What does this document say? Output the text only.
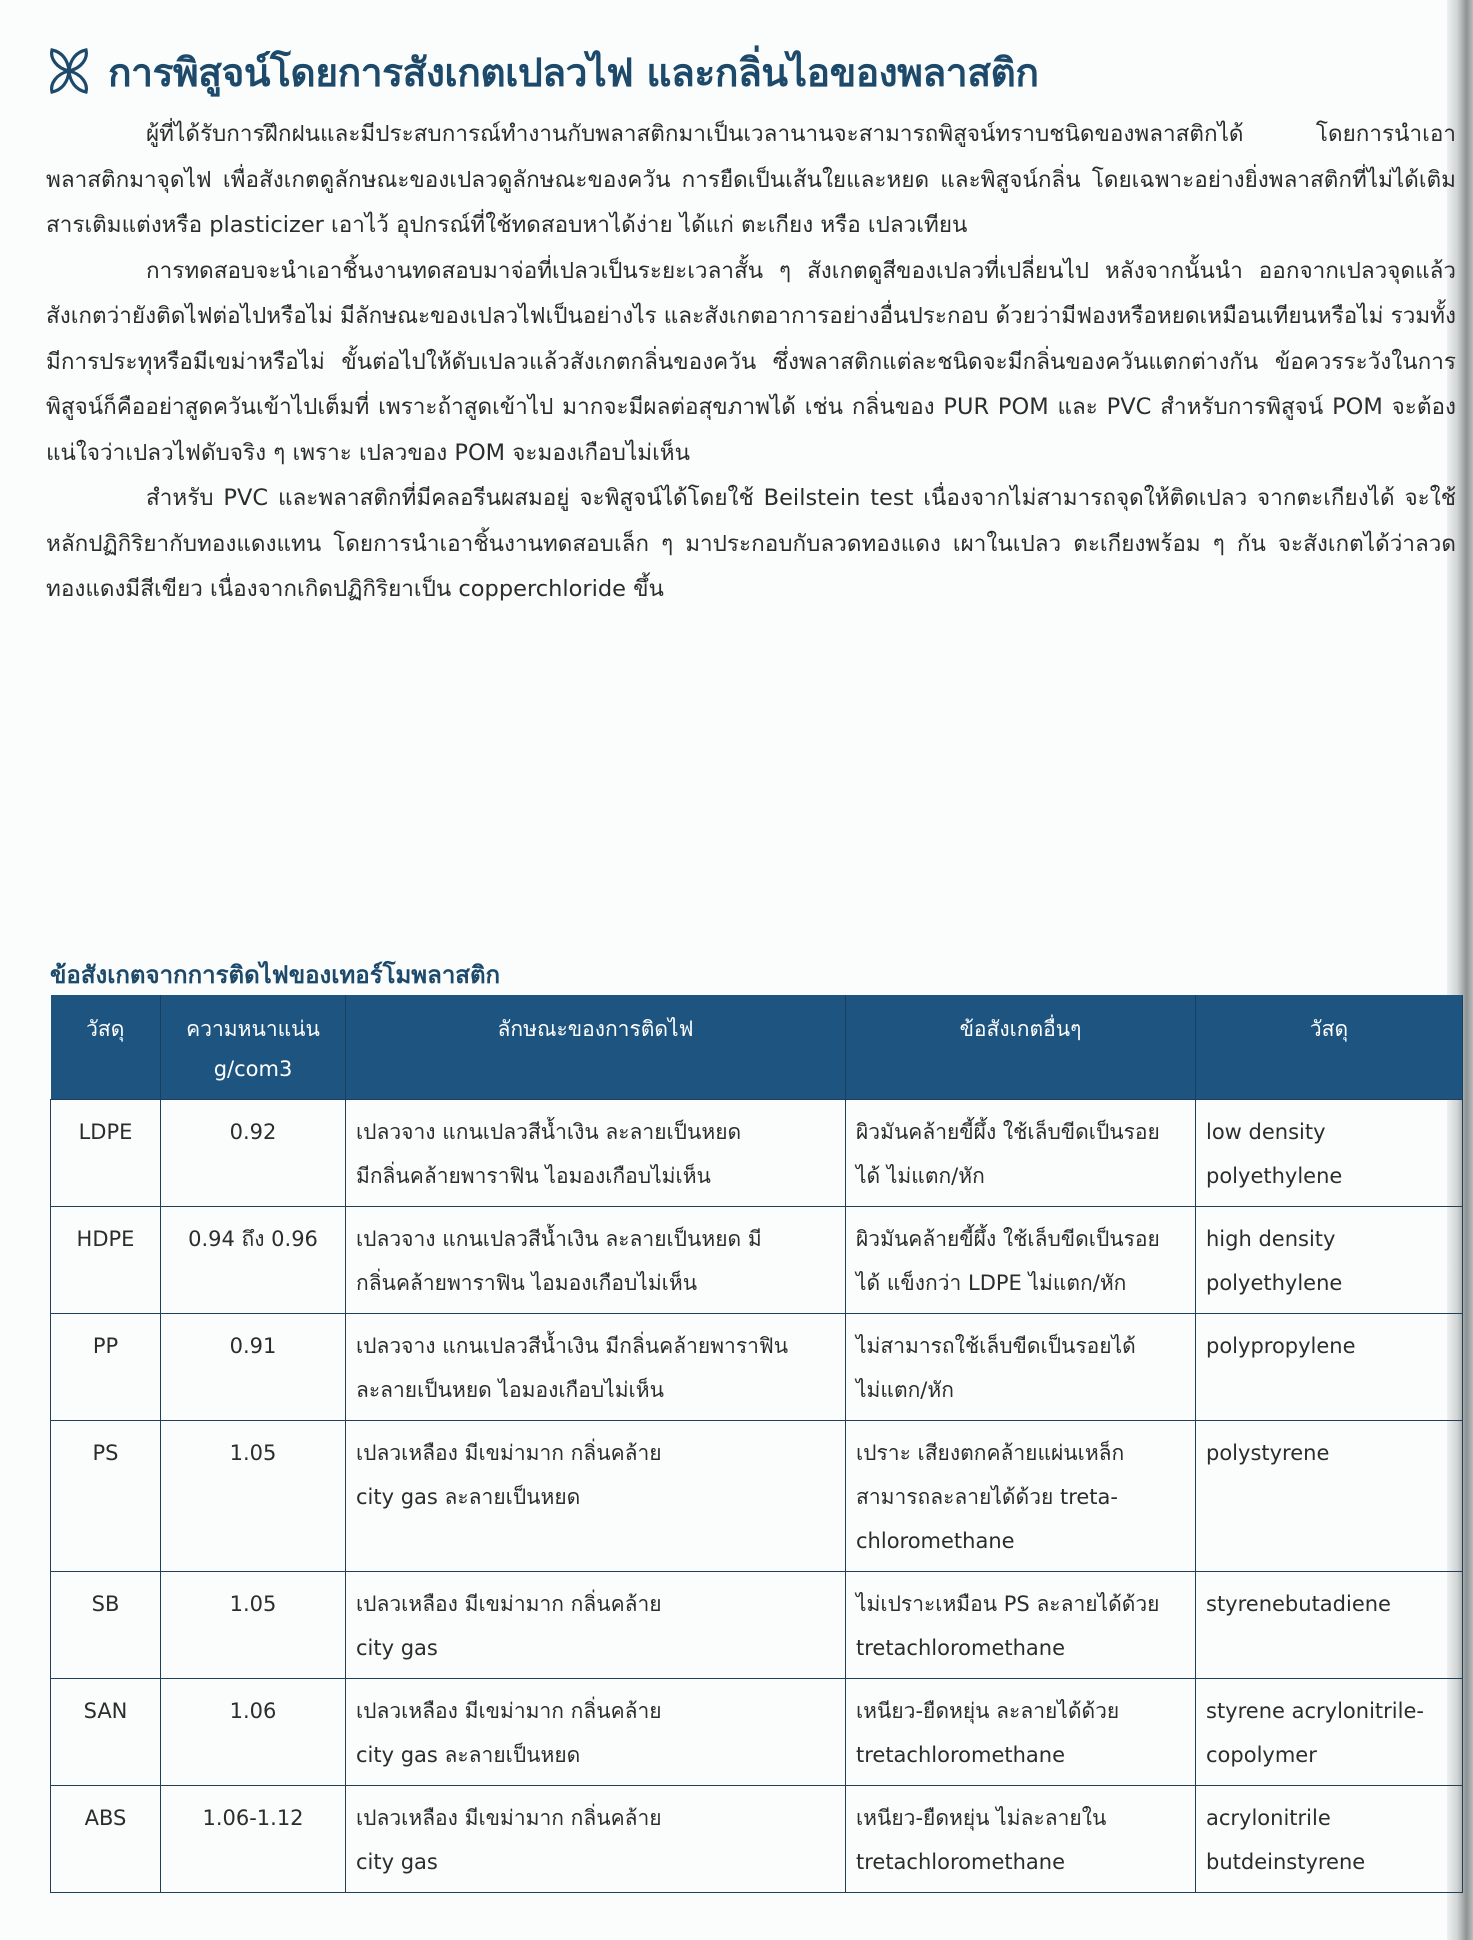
การพิสูจน์โดยการสังเกตเปลวไฟ และกลิ่นไอของพลาสติก

ผู้ที่ได้รับการฝึกฝนและมีประสบการณ์ทำงานกับพลาสติกมาเป็นเวลานานจะสามารถพิสูจน์ทราบชนิดของพลาสติกได้ โดยการนำเอาพลาสติกมาจุดไฟ เพื่อสังเกตดูลักษณะของเปลวดูลักษณะของควัน การยืดเป็นเส้นใยและหยด และพิสูจน์กลิ่น โดยเฉพาะอย่างยิ่งพลาสติกที่ไม่ได้เติมสารเติมแต่งหรือ plasticizer เอาไว้ อุปกรณ์ที่ใช้ทดสอบหาได้ง่าย ได้แก่ ตะเกียง หรือ เปลวเทียน

การทดสอบจะนำเอาชิ้นงานทดสอบมาจ่อที่เปลวเป็นระยะเวลาสั้น ๆ สังเกตดูสีของเปลวที่เปลี่ยนไป หลังจากนั้นนำ ออกจากเปลวจุดแล้วสังเกตว่ายังติดไฟต่อไปหรือไม่ มีลักษณะของเปลวไฟเป็นอย่างไร และสังเกตอาการอย่างอื่นประกอบ ด้วยว่ามีฟองหรือหยดเหมือนเทียนหรือไม่ รวมทั้งมีการประทุหรือมีเขม่าหรือไม่ ขั้นต่อไปให้ดับเปลวแล้วสังเกตกลิ่นของควัน ซึ่งพลาสติกแต่ละชนิดจะมีกลิ่นของควันแตกต่างกัน ข้อควรระวังในการพิสูจน์ก็คืออย่าสูดควันเข้าไปเต็มที่ เพราะถ้าสูดเข้าไป มากจะมีผลต่อสุขภาพได้ เช่น กลิ่นของ PUR POM และ PVC สำหรับการพิสูจน์ POM จะต้องแน่ใจว่าเปลวไฟดับจริง ๆ เพราะ เปลวของ POM จะมองเกือบไม่เห็น

สำหรับ PVC และพลาสติกที่มีคลอรีนผสมอยู่ จะพิสูจน์ได้โดยใช้ Beilstein test เนื่องจากไม่สามารถจุดให้ติดเปลว จากตะเกียงได้ จะใช้หลักปฏิกิริยากับทองแดงแทน โดยการนำเอาชิ้นงานทดสอบเล็ก ๆ มาประกอบกับลวดทองแดง เผาในเปลว ตะเกียงพร้อม ๆ กัน จะสังเกตได้ว่าลวดทองแดงมีสีเขียว เนื่องจากเกิดปฏิกิริยาเป็น copperchloride ขึ้น

ข้อสังเกตจากการติดไฟของเทอร์โมพลาสติก
วัสดุ	ความหนาแน่น
g/com3	ลักษณะของการติดไฟ	ข้อสังเกตอื่นๆ	วัสดุ
LDPE	0.92	เปลวจาง แกนเปลวสีน้ำเงิน ละลายเป็นหยด
มีกลิ่นคล้ายพาราฟิน ไอมองเกือบไม่เห็น	ผิวมันคล้ายขี้ผึ้ง ใช้เล็บขีดเป็นรอย
ได้ ไม่แตก/หัก	low density
polyethylene

HDPE	0.94 ถึง 0.96	เปลวจาง แกนเปลวสีน้ำเงิน ละลายเป็นหยด มี
กลิ่นคล้ายพาราฟิน ไอมองเกือบไม่เห็น	ผิวมันคล้ายขี้ผึ้ง ใช้เล็บขีดเป็นรอย
ได้ แข็งกว่า LDPE ไม่แตก/หัก	high density
polyethylene

PP	0.91	เปลวจาง แกนเปลวสีน้ำเงิน มีกลิ่นคล้ายพาราฟิน
ละลายเป็นหยด ไอมองเกือบไม่เห็น	ไม่สามารถใช้เล็บขีดเป็นรอยได้
ไม่แตก/หัก	polypropylene

PS	1.05	เปลวเหลือง มีเขม่ามาก กลิ่นคล้าย
city gas ละลายเป็นหยด	เปราะ เสียงตกคล้ายแผ่นเหล็ก
สามารถละลายได้ด้วย treta-
chloromethane	polystyrene

SB	1.05	เปลวเหลือง มีเขม่ามาก กลิ่นคล้าย
city gas	ไม่เปราะเหมือน PS ละลายได้ด้วย
tretachloromethane	styrenebutadiene

SAN	1.06	เปลวเหลือง มีเขม่ามาก กลิ่นคล้าย
city gas ละลายเป็นหยด	เหนียว-ยืดหยุ่น ละลายได้ด้วย
tretachloromethane	styrene acrylonitrile-
copolymer

ABS	1.06-1.12	เปลวเหลือง มีเขม่ามาก กลิ่นคล้าย
city gas	เหนียว-ยืดหยุ่น ไม่ละลายใน
tretachloromethane	acrylonitrile
butdeinstyrene
